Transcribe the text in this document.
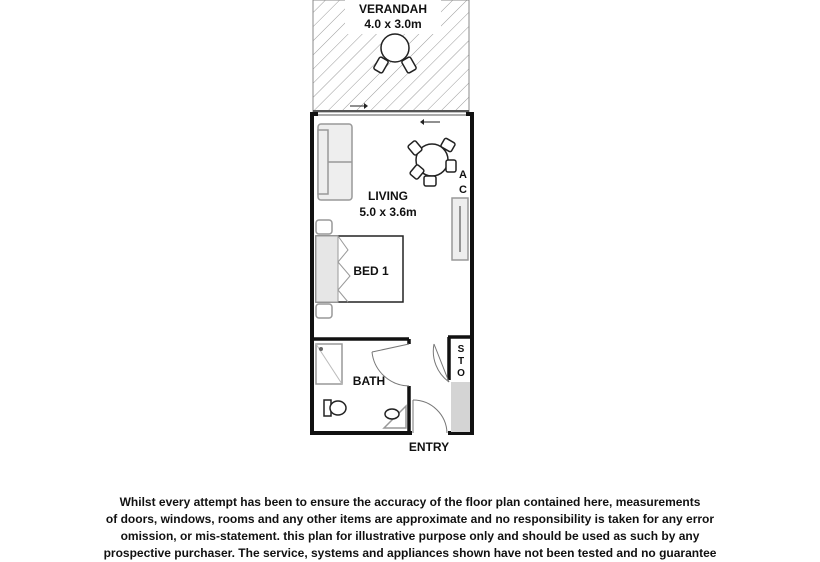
VERANDAH
4.0 x 3.0m
S
T
O
A
C
LIVING
5.0 x 3.6m
BED 1
BATH
ENTRY
Whilst every attempt has been to ensure the accuracy of the floor plan contained here, measurements
of doors, windows, rooms and any other items are approximate and no responsibility is taken for any error
omission, or mis-statement. this plan for illustrative purpose only and should be used as such by any
prospective purchaser. The service, systems and appliances shown have not been tested and no guarantee
